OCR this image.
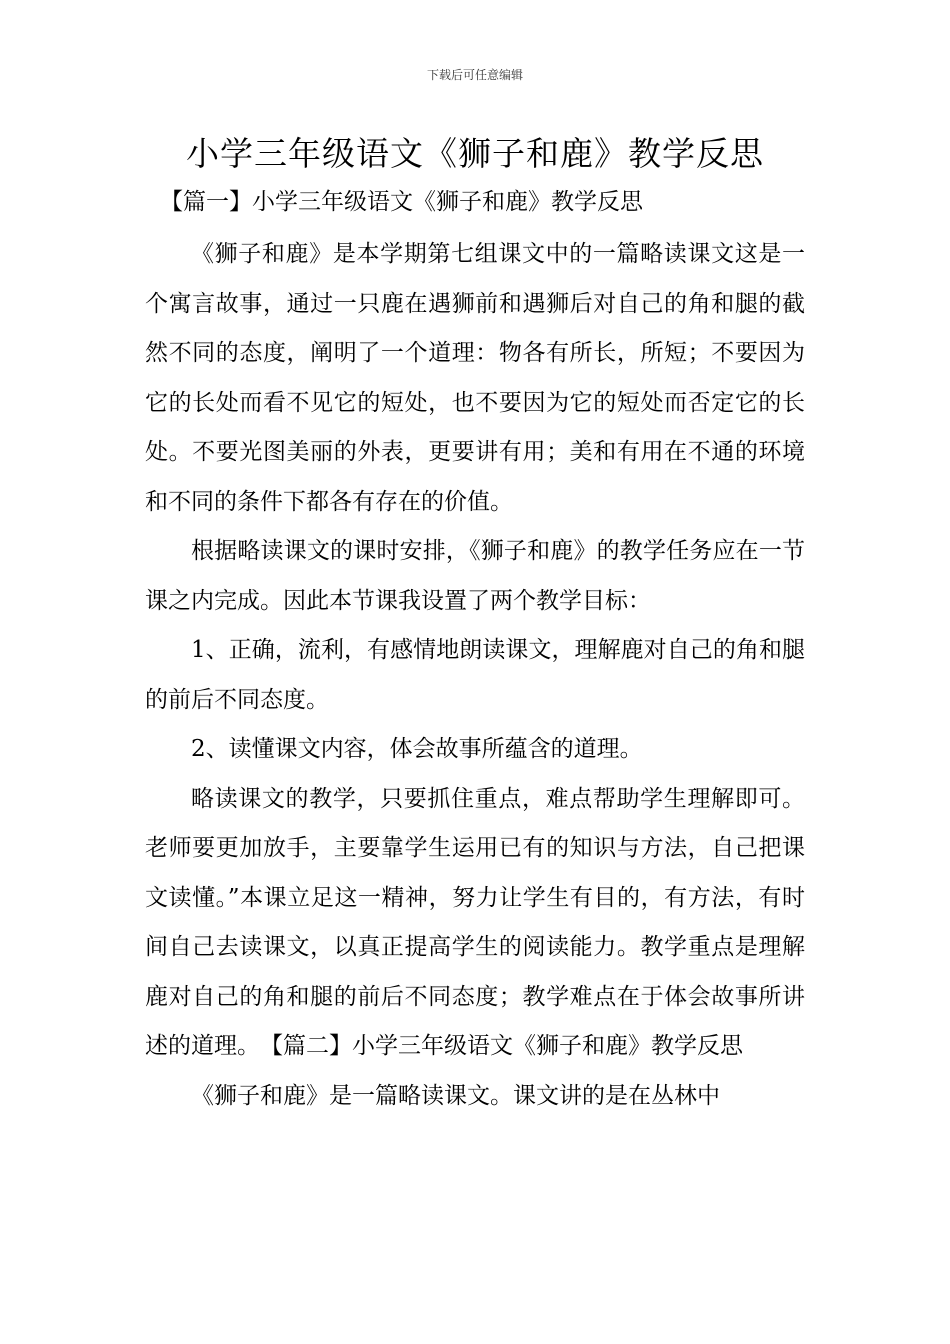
下载后可任意编辑
小学三年级语文《狮子和鹿》教学反思
【篇一】小学三年级语文《狮子和鹿》教学反思

《狮子和鹿》是本学期第七组课文中的一篇略读课文这是一个寓言故事，通过一只鹿在遇狮前和遇狮后对自己的角和腿的截然不同的态度，阐明了一个道理：物各有所长，所短；不要因为它的长处而看不见它的短处，也不要因为它的短处而否定它的长处。不要光图美丽的外表，更要讲有用；美和有用在不通的环境和不同的条件下都各有存在的价值。

根据略读课文的课时安排，《狮子和鹿》的教学任务应在一节课之内完成。因此本节课我设置了两个教学目标：

1、正确，流利，有感情地朗读课文，理解鹿对自己的角和腿的前后不同态度。

2、读懂课文内容，体会故事所蕴含的道理。

略读课文的教学，只要抓住重点，难点帮助学生理解即可。老师要更加放手，主要靠学生运用已有的知识与方法，自己把课文读懂。”本课立足这一精神，努力让学生有目的，有方法，有时间自己去读课文，以真正提高学生的阅读能力。教学重点是理解鹿对自己的角和腿的前后不同态度；教学难点在于体会故事所讲述的道理。　 【篇二】小学三年级语文《狮子和鹿》教学反思

《狮子和鹿》是一篇略读课文。课文讲的是在丛林中
